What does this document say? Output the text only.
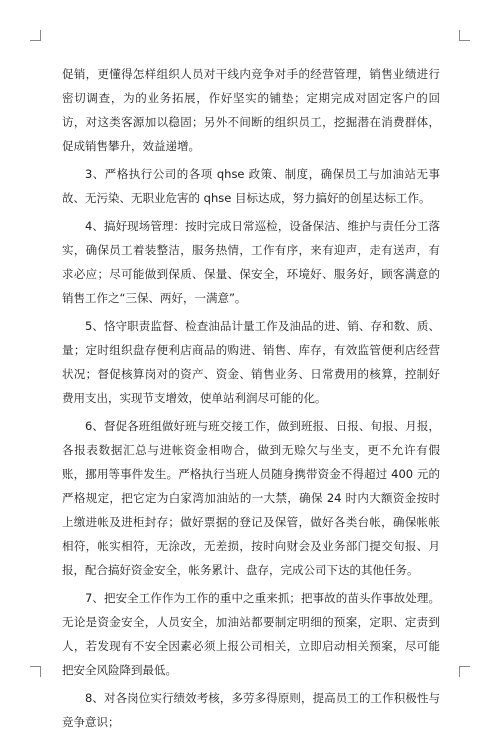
促销，更懂得怎样组织人员对干线内竞争对手的经营管理，销售业绩进行密切调查，为的业务拓展，作好坚实的铺垫；定期完成对固定客户的回访，对这类客源加以稳固；另外不间断的组织员工，挖掘潜在消费群体，促成销售攀升，效益递增。

3、严格执行公司的各项 qhse 政策、制度，确保员工与加油站无事故、无污染、无职业危害的 qhse 目标达成，努力搞好的创星达标工作。

4、搞好现场管理：按时完成日常巡检，设备保洁、维护与责任分工落实，确保员工着装整洁，服务热情，工作有序，来有迎声，走有送声，有求必应；尽可能做到保质、保量、保安全，环境好、服务好，顾客满意的销售工作之“三保、两好，一满意”。

5、恪守职责监督、检查油品计量工作及油品的进、销、存和数、质、量；定时组织盘存便利店商品的购进、销售、库存，有效监管便利店经营状况；督促核算岗对的资产、资金、销售业务、日常费用的核算，控制好费用支出，实现节支增效，使单站利润尽可能的化。

6、督促各班组做好班与班交接工作，做到班报、日报、旬报、月报，各报表数据汇总与进帐资金相吻合，做到无赊欠与坐支，更不允许有假账，挪用等事件发生。严格执行当班人员随身携带资金不得超过 400 元的严格规定，把它定为白家湾加油站的一大禁，确保 24 时内大额资金按时上缴进帐及进柜封存；做好票据的登记及保管，做好各类台帐，确保帐帐相符，帐实相符，无涂改，无差损，按时向财会及业务部门提交旬报、月报，配合搞好资金安全，帐务累计、盘存，完成公司下达的其他任务。

7、把安全工作作为工作的重中之重来抓；把事故的苗头作事故处理。无论是资金安全，人员安全，加油站都要制定明细的预案，定职、定责到人，若发现有不安全因素必须上报公司相关，立即启动相关预案，尽可能把安全风险降到最低。

8、对各岗位实行绩效考核，多劳多得原则，提高员工的工作积极性与竞争意识；
